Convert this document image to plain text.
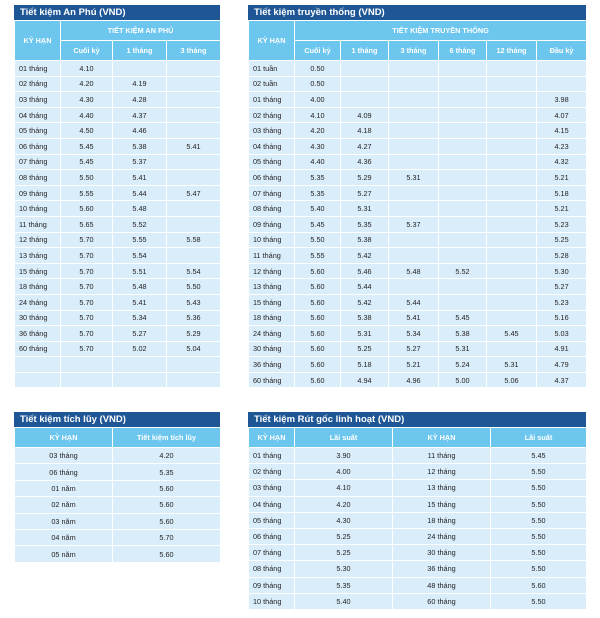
Tiết kiệm An Phú (VND)
KỲ HẠN	TIẾT KIỆM AN PHÚ		
	Cuối kỳ	1 tháng	3 tháng
01 tháng	4.10		
02 tháng	4.20	4.19	
03 tháng	4.30	4.28	
04 tháng	4.40	4.37	
05 tháng	4.50	4.46	
06 tháng	5.45	5.38	5.41
07 tháng	5.45	5.37	
08 tháng	5.50	5.41	
09 tháng	5.55	5.44	5.47
10 tháng	5.60	5.48	
11 tháng	5.65	5.52	
12 tháng	5.70	5.55	5.58
13 tháng	5.70	5.54	
15 tháng	5.70	5.51	5.54
18 tháng	5.70	5.48	5.50
24 tháng	5.70	5.41	5.43
30 tháng	5.70	5.34	5.36
36 tháng	5.70	5.27	5.29
60 tháng	5.70	5.02	5.04

Tiết kiệm truyền thống (VND)
KỲ HẠN	TIẾT KIỆM TRUYỀN THỐNG					
	Cuối kỳ	1 tháng	3 tháng	6 tháng	12 tháng	Đầu kỳ
01 tuần	0.50					
02 tuần	0.50					
01 tháng	4.00					3.98
02 tháng	4.10	4.09				4.07
03 tháng	4.20	4.18				4.15
04 tháng	4.30	4.27				4.23
05 tháng	4.40	4.36				4.32
06 tháng	5.35	5.29	5.31			5.21
07 tháng	5.35	5.27				5.18
08 tháng	5.40	5.31				5.21
09 tháng	5.45	5.35	5.37			5.23
10 tháng	5.50	5.38				5.25
11 tháng	5.55	5.42				5.28
12 tháng	5.60	5.46	5.48	5.52		5.30
13 tháng	5.60	5.44				5.27
15 tháng	5.60	5.42	5.44			5.23
18 tháng	5.60	5.38	5.41	5.45		5.16
24 tháng	5.60	5.31	5.34	5.38	5.45	5.03
30 tháng	5.60	5.25	5.27	5.31		4.91
36 tháng	5.60	5.18	5.21	5.24	5.31	4.79
60 tháng	5.60	4.94	4.96	5.00	5.06	4.37
Tiết kiệm tích lũy (VND)
KỲ HẠN	Tiết kiệm tích lũy
03 tháng	4.20
06 tháng	5.35
01 năm	5.60
02 năm	5.60
03 năm	5.60
04 năm	5.70
05 năm	5.60
Tiết kiệm Rút gốc linh hoạt (VND)
KỲ HẠN	Lãi suất	KỲ HẠN	Lãi suất
01 tháng	3.90	11 tháng	5.45
02 tháng	4.00	12 tháng	5.50
03 tháng	4.10	13 tháng	5.50
04 tháng	4.20	15 tháng	5.50
05 tháng	4.30	18 tháng	5.50
06 tháng	5.25	24 tháng	5.50
07 tháng	5.25	30 tháng	5.50
08 tháng	5.30	36 tháng	5.50
09 tháng	5.35	48 tháng	5.60
10 tháng	5.40	60 tháng	5.50
